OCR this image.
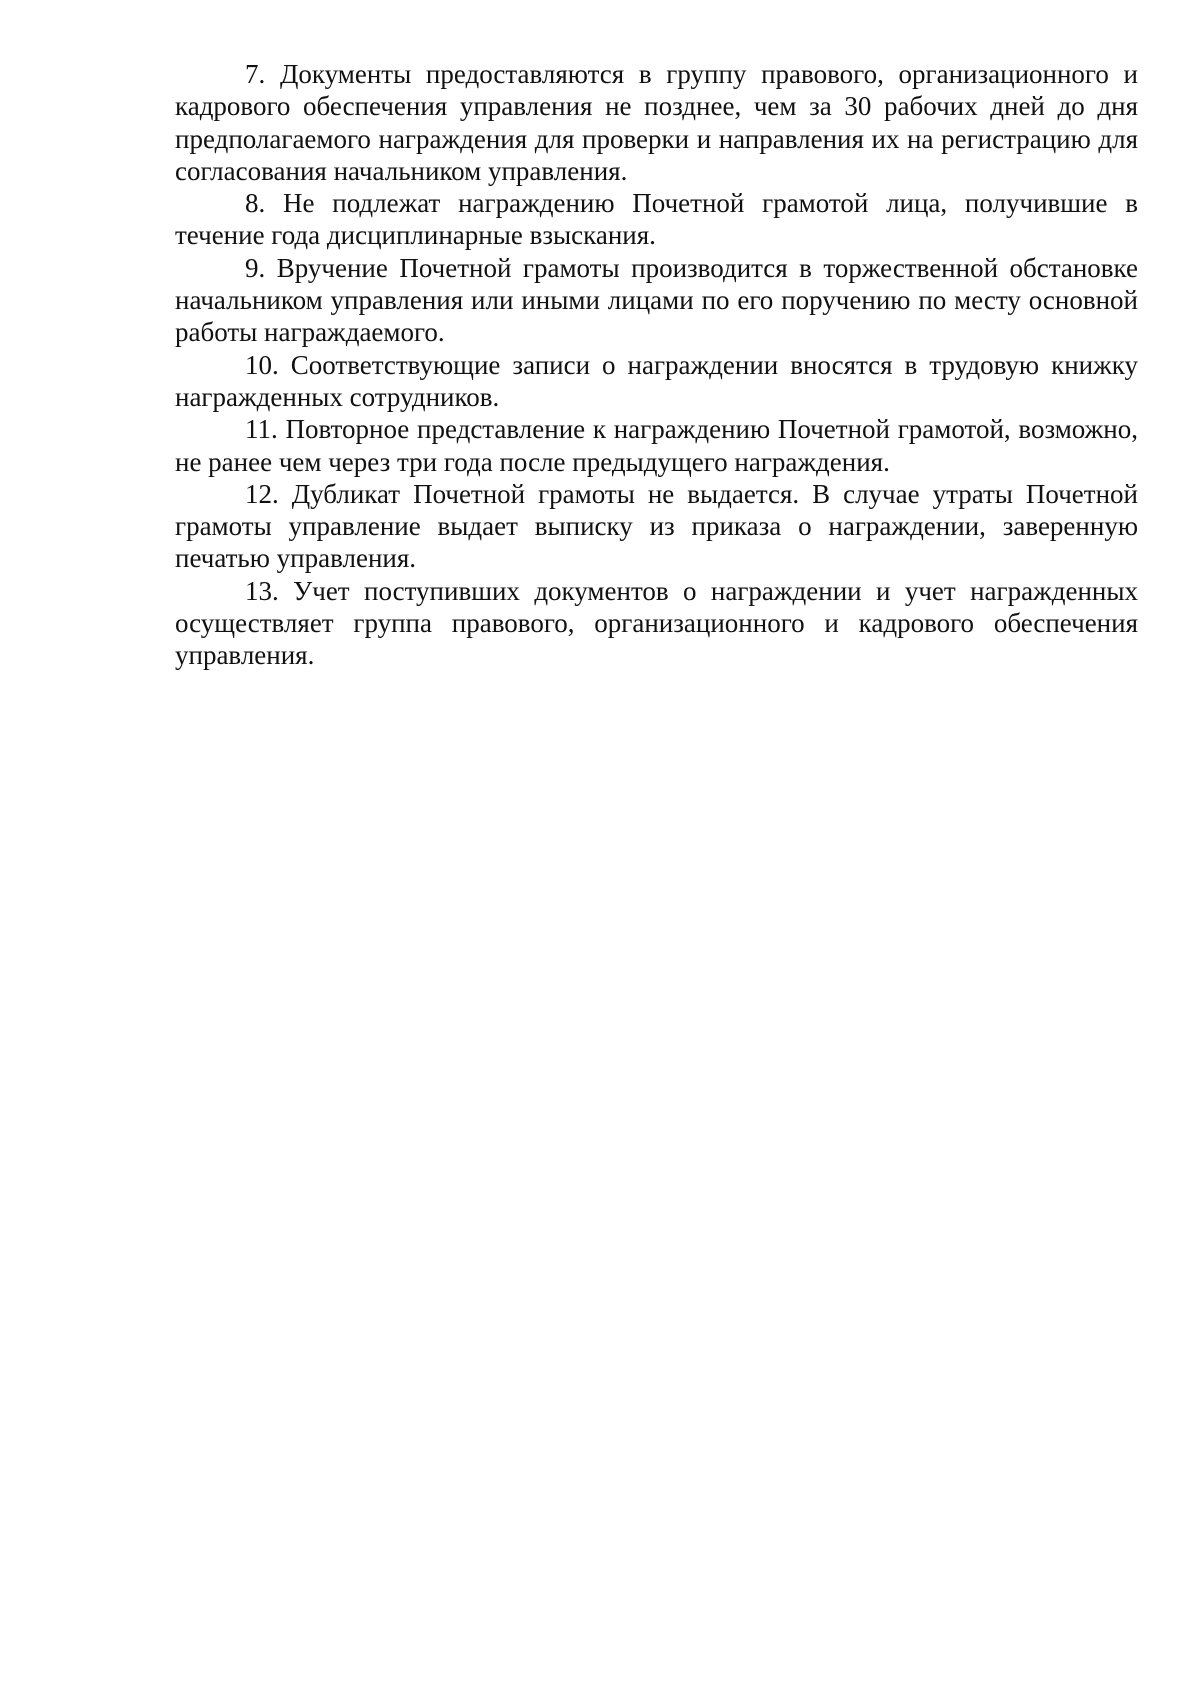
7. Документы предоставляются в группу правового, организационного и кадрового обеспечения управления не позднее, чем за 30 рабочих дней до дня предполагаемого награждения для проверки и направления их на регистрацию для согласования начальником управления.

8. Не подлежат награждению Почетной грамотой лица, получившие в течение года дисциплинарные взыскания.

9. Вручение Почетной грамоты производится в торжественной обстановке начальником управления или иными лицами по его поручению по месту основной работы награждаемого.

10. Соответствующие записи о награждении вносятся в трудовую книжку награжденных сотрудников.

11. Повторное представление к награждению Почетной грамотой, возможно, не ранее чем через три года после предыдущего награждения.

12. Дубликат Почетной грамоты не выдается. В случае утраты Почетной грамоты управление выдает выписку из приказа о награждении, заверенную печатью управления.

13. Учет поступивших документов о награждении и учет награжденных осуществляет группа правового, организационного и кадрового обеспечения управления.
